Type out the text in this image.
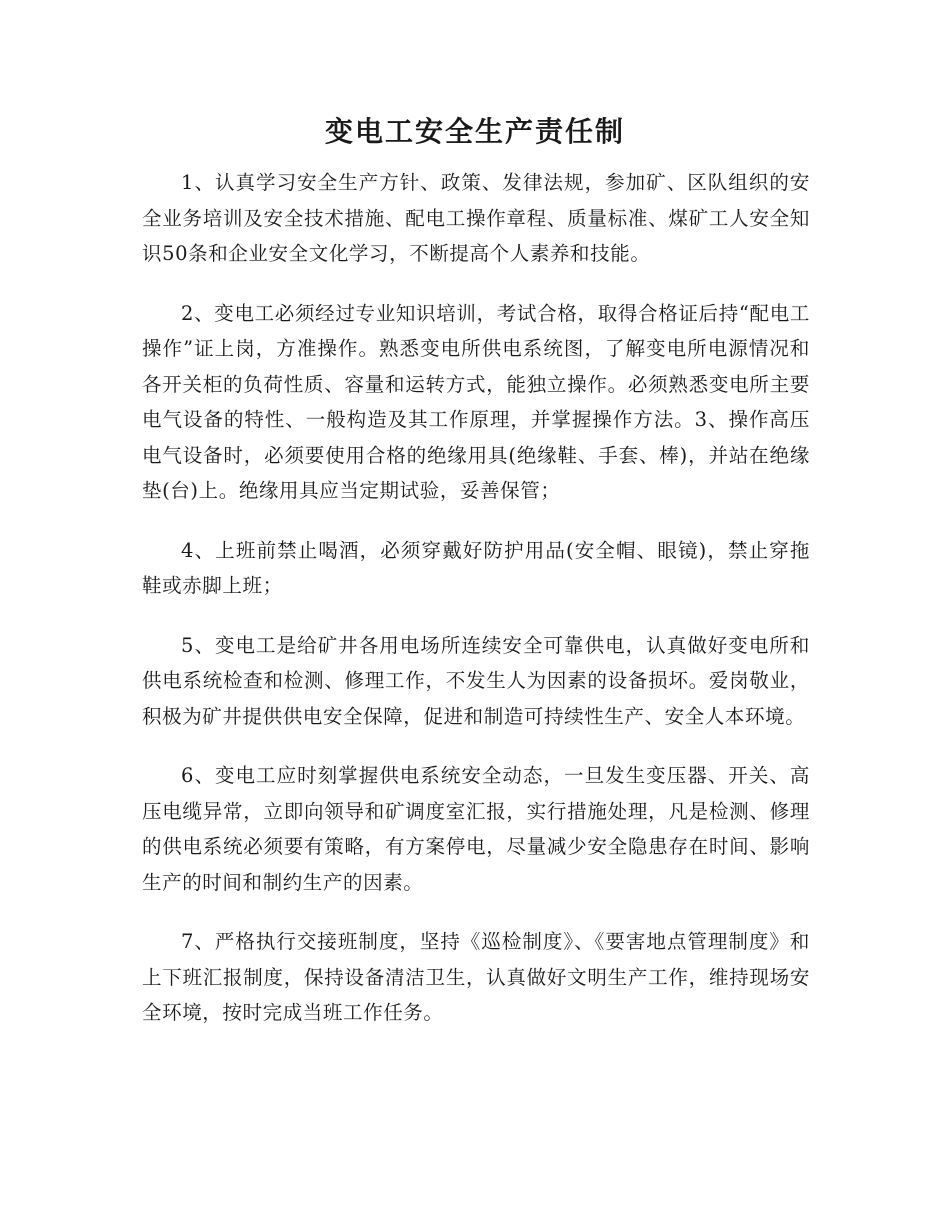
变电工安全生产责任制

1、认真学习安全生产方针、政策、发律法规，参加矿、区队组织的安全业务培训及安全技术措施、配电工操作章程、质量标准、煤矿工人安全知识50条和企业安全文化学习，不断提高个人素养和技能。

2、变电工必须经过专业知识培训，考试合格，取得合格证后持“配电工操作”证上岗，方准操作。熟悉变电所供电系统图，了解变电所电源情况和各开关柜的负荷性质、容量和运转方式，能独立操作。必须熟悉变电所主要电气设备的特性、一般构造及其工作原理，并掌握操作方法。3、操作高压电气设备时，必须要使用合格的绝缘用具(绝缘鞋、手套、棒)，并站在绝缘垫(台)上。绝缘用具应当定期试验，妥善保管；

4、上班前禁止喝酒，必须穿戴好防护用品(安全帽、眼镜)，禁止穿拖鞋或赤脚上班；

5、变电工是给矿井各用电场所连续安全可靠供电，认真做好变电所和供电系统检查和检测、修理工作，不发生人为因素的设备损坏。爱岗敬业，积极为矿井提供供电安全保障，促进和制造可持续性生产、安全人本环境。

6、变电工应时刻掌握供电系统安全动态，一旦发生变压器、开关、高压电缆异常，立即向领导和矿调度室汇报，实行措施处理，凡是检测、修理的供电系统必须要有策略，有方案停电，尽量减少安全隐患存在时间、影响生产的时间和制约生产的因素。

7、严格执行交接班制度，坚持《巡检制度》、《要害地点管理制度》和上下班汇报制度，保持设备清洁卫生，认真做好文明生产工作，维持现场安全环境，按时完成当班工作任务。
